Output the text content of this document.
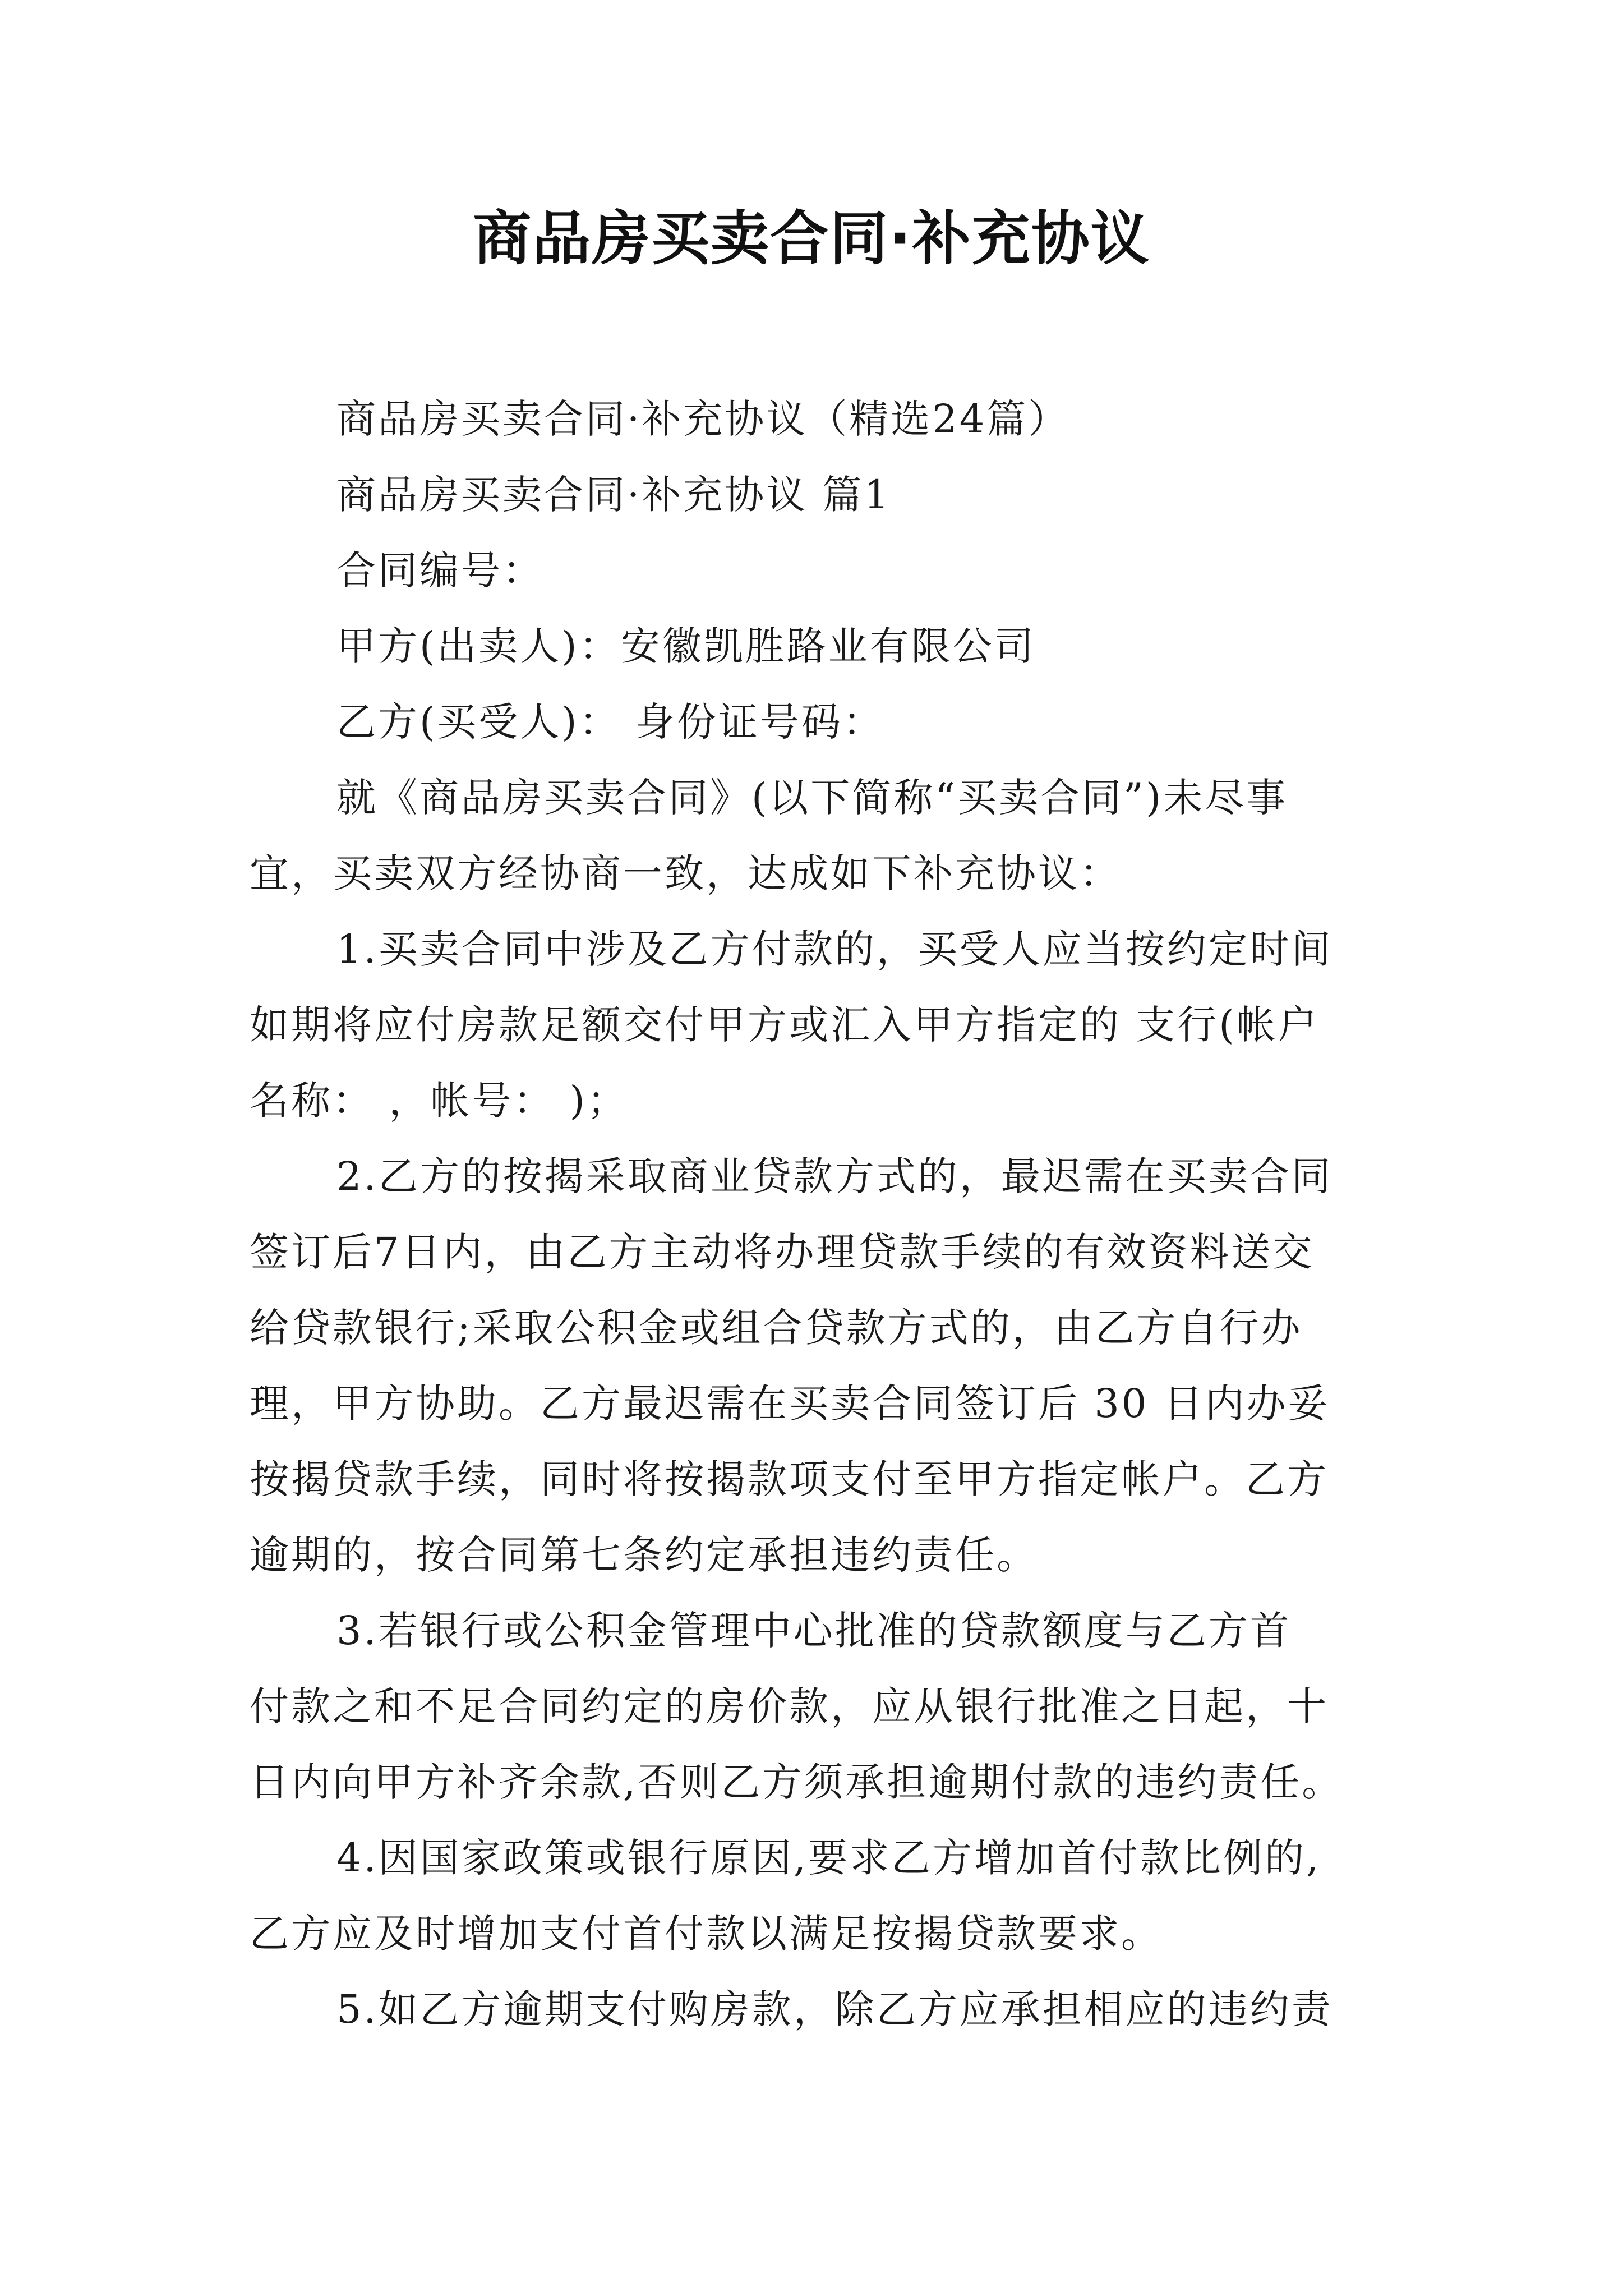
商品房买卖合同·补充协议
商品房买卖合同·补充协议（精选24篇）
商品房买卖合同·补充协议 篇1
合同编号：
甲方(出卖人)：安徽凯胜路业有限公司
乙方(买受人)： 身份证号码：
就《商品房买卖合同》(以下简称“买卖合同”)未尽事
宜，买卖双方经协商一致，达成如下补充协议：
1.买卖合同中涉及乙方付款的，买受人应当按约定时间
如期将应付房款足额交付甲方或汇入甲方指定的 支行(帐户
名称： ，帐号： )；
2.乙方的按揭采取商业贷款方式的，最迟需在买卖合同
签订后7日内，由乙方主动将办理贷款手续的有效资料送交
给贷款银行;采取公积金或组合贷款方式的，由乙方自行办
理，甲方协助。乙方最迟需在买卖合同签订后 30 日内办妥
按揭贷款手续，同时将按揭款项支付至甲方指定帐户。乙方
逾期的，按合同第七条约定承担违约责任。
3.若银行或公积金管理中心批准的贷款额度与乙方首
付款之和不足合同约定的房价款，应从银行批准之日起，十
日内向甲方补齐余款,否则乙方须承担逾期付款的违约责任。
4.因国家政策或银行原因,要求乙方增加首付款比例的,
乙方应及时增加支付首付款以满足按揭贷款要求。
5.如乙方逾期支付购房款，除乙方应承担相应的违约责
